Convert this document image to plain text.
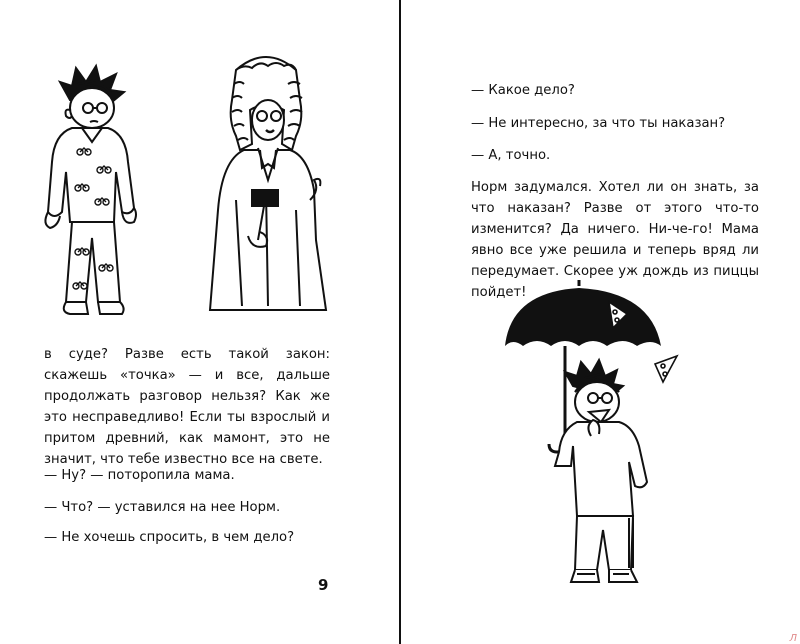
в суде? Разве есть такой закон: скажешь «точка» — и все, дальше продолжать разговор нельзя? Как же это несправедливо! Если ты взрослый и притом древний, как мамонт, это не значит, что тебе известно все на свете.

— Ну? — поторопила мама.

— Что? — уставился на нее Норм.

— Не хочешь спросить, в чем дело?

9

— Какое дело?

— Не интересно, за что ты наказан?

— А, точно.

Норм задумался. Хотел ли он знать, за что наказан? Разве от этого что-то изменится? Да ничего. Ни-че-го! Мама явно все уже решила и теперь вряд ли передумает. Скорее уж дождь из пиццы пойдет!

Л
